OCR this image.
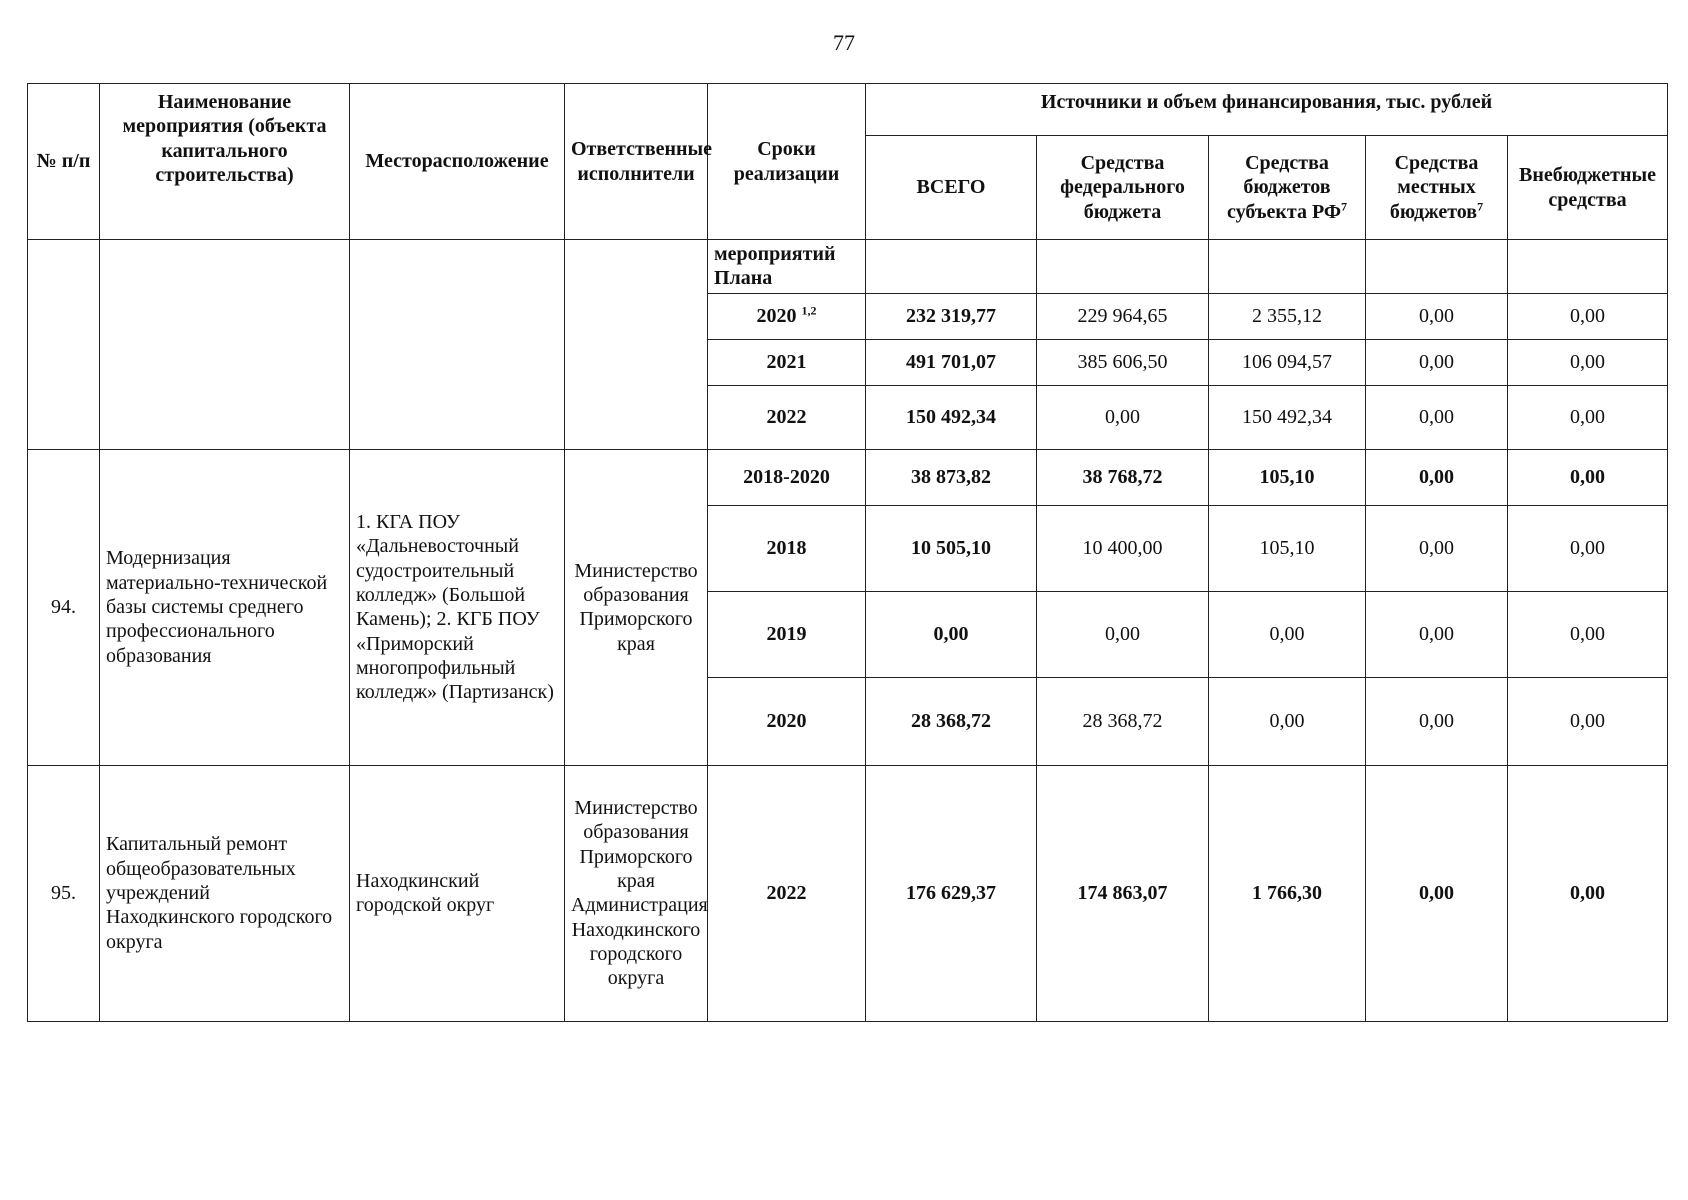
77
№ п/п	Наименование мероприятия (объекта капитального строительства)	Месторасположение	Ответственные исполнители	Сроки реализации	Источники и объем финансирования, тыс. рублей				
					ВСЕГО	Средства федерального бюджета	Средства бюджетов субъекта $РФ^7$	Средства местных бюджетов$^7$	Внебюджетные средства
				мероприятий Плана					
				2020 $^{1,2}$	232 319,77	229 964,65	2 355,12	0,00	0,00
				2021	491 701,07	385 606,50	106 094,57	0,00	0,00
				2022	150 492,34	0,00	150 492,34	0,00	0,00
94.	Модернизация материально-технической базы системы среднего профессионального образования	1. КГА ПОУ «Дальневосточный судостроительный колледж» (Большой Камень); 2. КГБ ПОУ «Приморский многопрофильный колледж» (Партизанск)	Министерство образования Приморского края	2018-2020	38 873,82	38 768,72	105,10	0,00	0,00
				2018	10 505,10	10 400,00	105,10	0,00	0,00
				2019	0,00	0,00	0,00	0,00	0,00
				2020	28 368,72	28 368,72	0,00	0,00	0,00
95.	Капитальный ремонт общеобразовательных учреждений Находкинского городского округа	Находкинский городской округ	Министерство образования Приморского края Администрация Находкинского городского округа	2022	176 629,37	174 863,07	1 766,30	0,00	0,00
